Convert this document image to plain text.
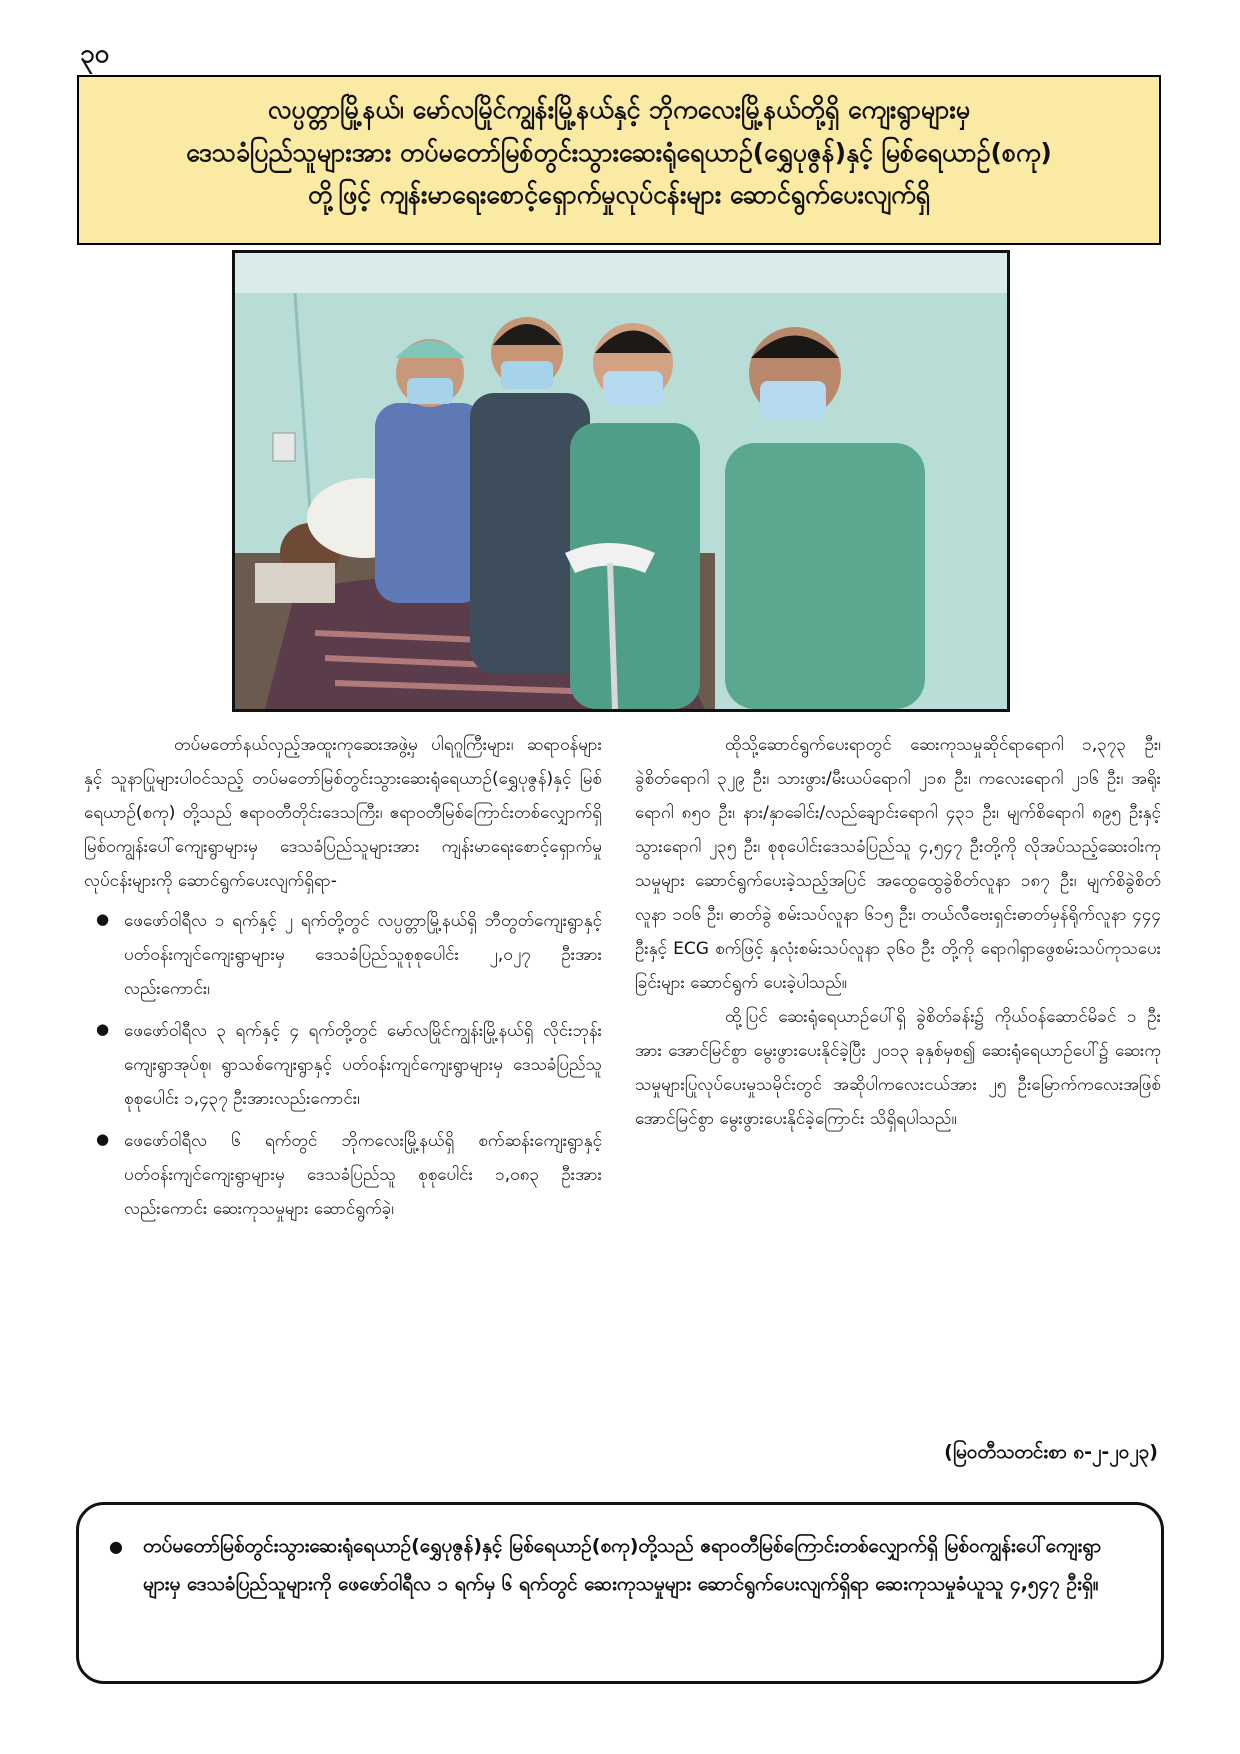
၃၀
လပ္ပတ္တာမြို့နယ်၊ မော်လမြိုင်ကျွန်းမြို့နယ်နှင့် ဘိုကလေးမြို့နယ်တို့ရှိ ကျေးရွာများမှ
ဒေသခံပြည်သူများအား တပ်မတော်မြစ်တွင်းသွားဆေးရုံရေယာဉ်(ရွှေပုဇွန်)နှင့် မြစ်ရေယာဉ်(စကု)
တို့ဖြင့် ကျန်းမာရေးစောင့်ရှောက်မှုလုပ်ငန်းများ ဆောင်ရွက်ပေးလျက်ရှိ

တပ်မတော်နယ်လှည့်အထူးကုဆေးအဖွဲ့မှ ပါရဂူကြီးများ၊ ဆရာဝန်များနှင့် သူနာပြုများပါဝင်သည့် တပ်မတော်မြစ်တွင်းသွားဆေးရုံရေယာဉ်(ရွှေပုဇွန်)နှင့် မြစ်ရေယာဉ်(စကု) တို့သည် ဧရာဝတီတိုင်းဒေသကြီး၊ ဧရာဝတီမြစ်ကြောင်းတစ်လျှောက်ရှိ မြစ်ဝကျွန်းပေါ်ကျေးရွာများမှ ဒေသခံပြည်သူများအား ကျန်းမာရေးစောင့်ရှောက်မှုလုပ်ငန်းများကို ဆောင်ရွက်ပေးလျက်ရှိရာ-

● ဖေဖော်ဝါရီလ ၁ ရက်နှင့် ၂ ရက်တို့တွင် လပ္ပတ္တာမြို့နယ်ရှိ ဘီတွတ်ကျေးရွာနှင့် ပတ်ဝန်းကျင်ကျေးရွာများမှ ဒေသခံပြည်သူစုစုပေါင်း ၂,၀၂၇ ဦးအားလည်းကောင်း၊
● ဖေဖော်ဝါရီလ ၃ ရက်နှင့် ၄ ရက်တို့တွင် မော်လမြိုင်ကျွန်းမြို့နယ်ရှိ လိုင်းဘုန်းကျေးရွာအုပ်စု၊ ရွာသစ်ကျေးရွာနှင့် ပတ်ဝန်းကျင်ကျေးရွာများမှ ဒေသခံပြည်သူ စုစုပေါင်း ၁,၄၃၇ ဦးအားလည်းကောင်း၊
● ဖေဖော်ဝါရီလ ၆ ရက်တွင် ဘိုကလေးမြို့နယ်ရှိ စက်ဆန်းကျေးရွာနှင့် ပတ်ဝန်းကျင်ကျေးရွာများမှ ဒေသခံပြည်သူ စုစုပေါင်း ၁,၀၈၃ ဦးအားလည်းကောင်း ဆေးကုသမှုများ ဆောင်ရွက်ခဲ့၊

ထိုသို့ဆောင်ရွက်ပေးရာတွင် ဆေးကုသမှုဆိုင်ရာရောဂါ ၁,၃၇၃ ဦး၊ ခွဲစိတ်ရောဂါ ၃၂၉ ဦး၊ သားဖွား/မီးယပ်ရောဂါ ၂၁၈ ဦး၊ ကလေးရောဂါ ၂၁၆ ဦး၊ အရိုးရောဂါ ၈၅၀ ဦး၊ နား/နှာခေါင်း/လည်ချောင်းရောဂါ ၄၃၁ ဦး၊ မျက်စိရောဂါ ၈၉၅ ဦးနှင့် သွားရောဂါ ၂၃၅ ဦး၊ စုစုပေါင်းဒေသခံပြည်သူ ၄,၅၄၇ ဦးတို့ကို လိုအပ်သည့်ဆေးဝါးကုသမှုများ ဆောင်ရွက်ပေးခဲ့သည့်အပြင် အထွေထွေခွဲစိတ်လူနာ ၁၈၇ ဦး၊ မျက်စိခွဲစိတ်လူနာ ၁၀၆ ဦး၊ ဓာတ်ခွဲ စမ်းသပ်လူနာ ၆၁၅ ဦး၊ တယ်လီဗေးရှင်းဓာတ်မှန်ရိုက်လူနာ ၄၄၄ ဦးနှင့် ECG စက်ဖြင့် နှလုံးစမ်းသပ်လူနာ ၃၆၀ ဦး တို့ကို ရောဂါရှာဖွေစမ်းသပ်ကုသပေးခြင်းများ ဆောင်ရွက် ပေးခဲ့ပါသည်။

ထို့ပြင် ဆေးရုံရေယာဉ်ပေါ်ရှိ ခွဲစိတ်ခန်း၌ ကိုယ်ဝန်ဆောင်မိခင် ၁ ဦးအား အောင်မြင်စွာ မွေးဖွားပေးနိုင်ခဲ့ပြီး ၂၀၁၃ ခုနှစ်မှစ၍ ဆေးရုံရေယာဉ်ပေါ်၌ ဆေးကုသမှုများပြုလုပ်ပေးမှုသမိုင်းတွင် အဆိုပါကလေးငယ်အား ၂၅ ဦးမြောက်ကလေးအဖြစ် အောင်မြင်စွာ မွေးဖွားပေးနိုင်ခဲ့ကြောင်း သိရှိရပါသည်။

(မြဝတီသတင်းစာ ၈-၂-၂၀၂၃)
● တပ်မတော်မြစ်တွင်းသွားဆေးရုံရေယာဉ်(ရွှေပုဇွန်)နှင့် မြစ်ရေယာဉ်(စကု)တို့သည် ဧရာဝတီမြစ်ကြောင်းတစ်လျှောက်ရှိ မြစ်ဝကျွန်းပေါ်ကျေးရွာများမှ ဒေသခံပြည်သူများကို ဖေဖော်ဝါရီလ ၁ ရက်မှ ၆ ရက်တွင် ဆေးကုသမှုများ ဆောင်ရွက်ပေးလျက်ရှိရာ ဆေးကုသမှုခံယူသူ ၄,၅၄၇ ဦးရှိ။
